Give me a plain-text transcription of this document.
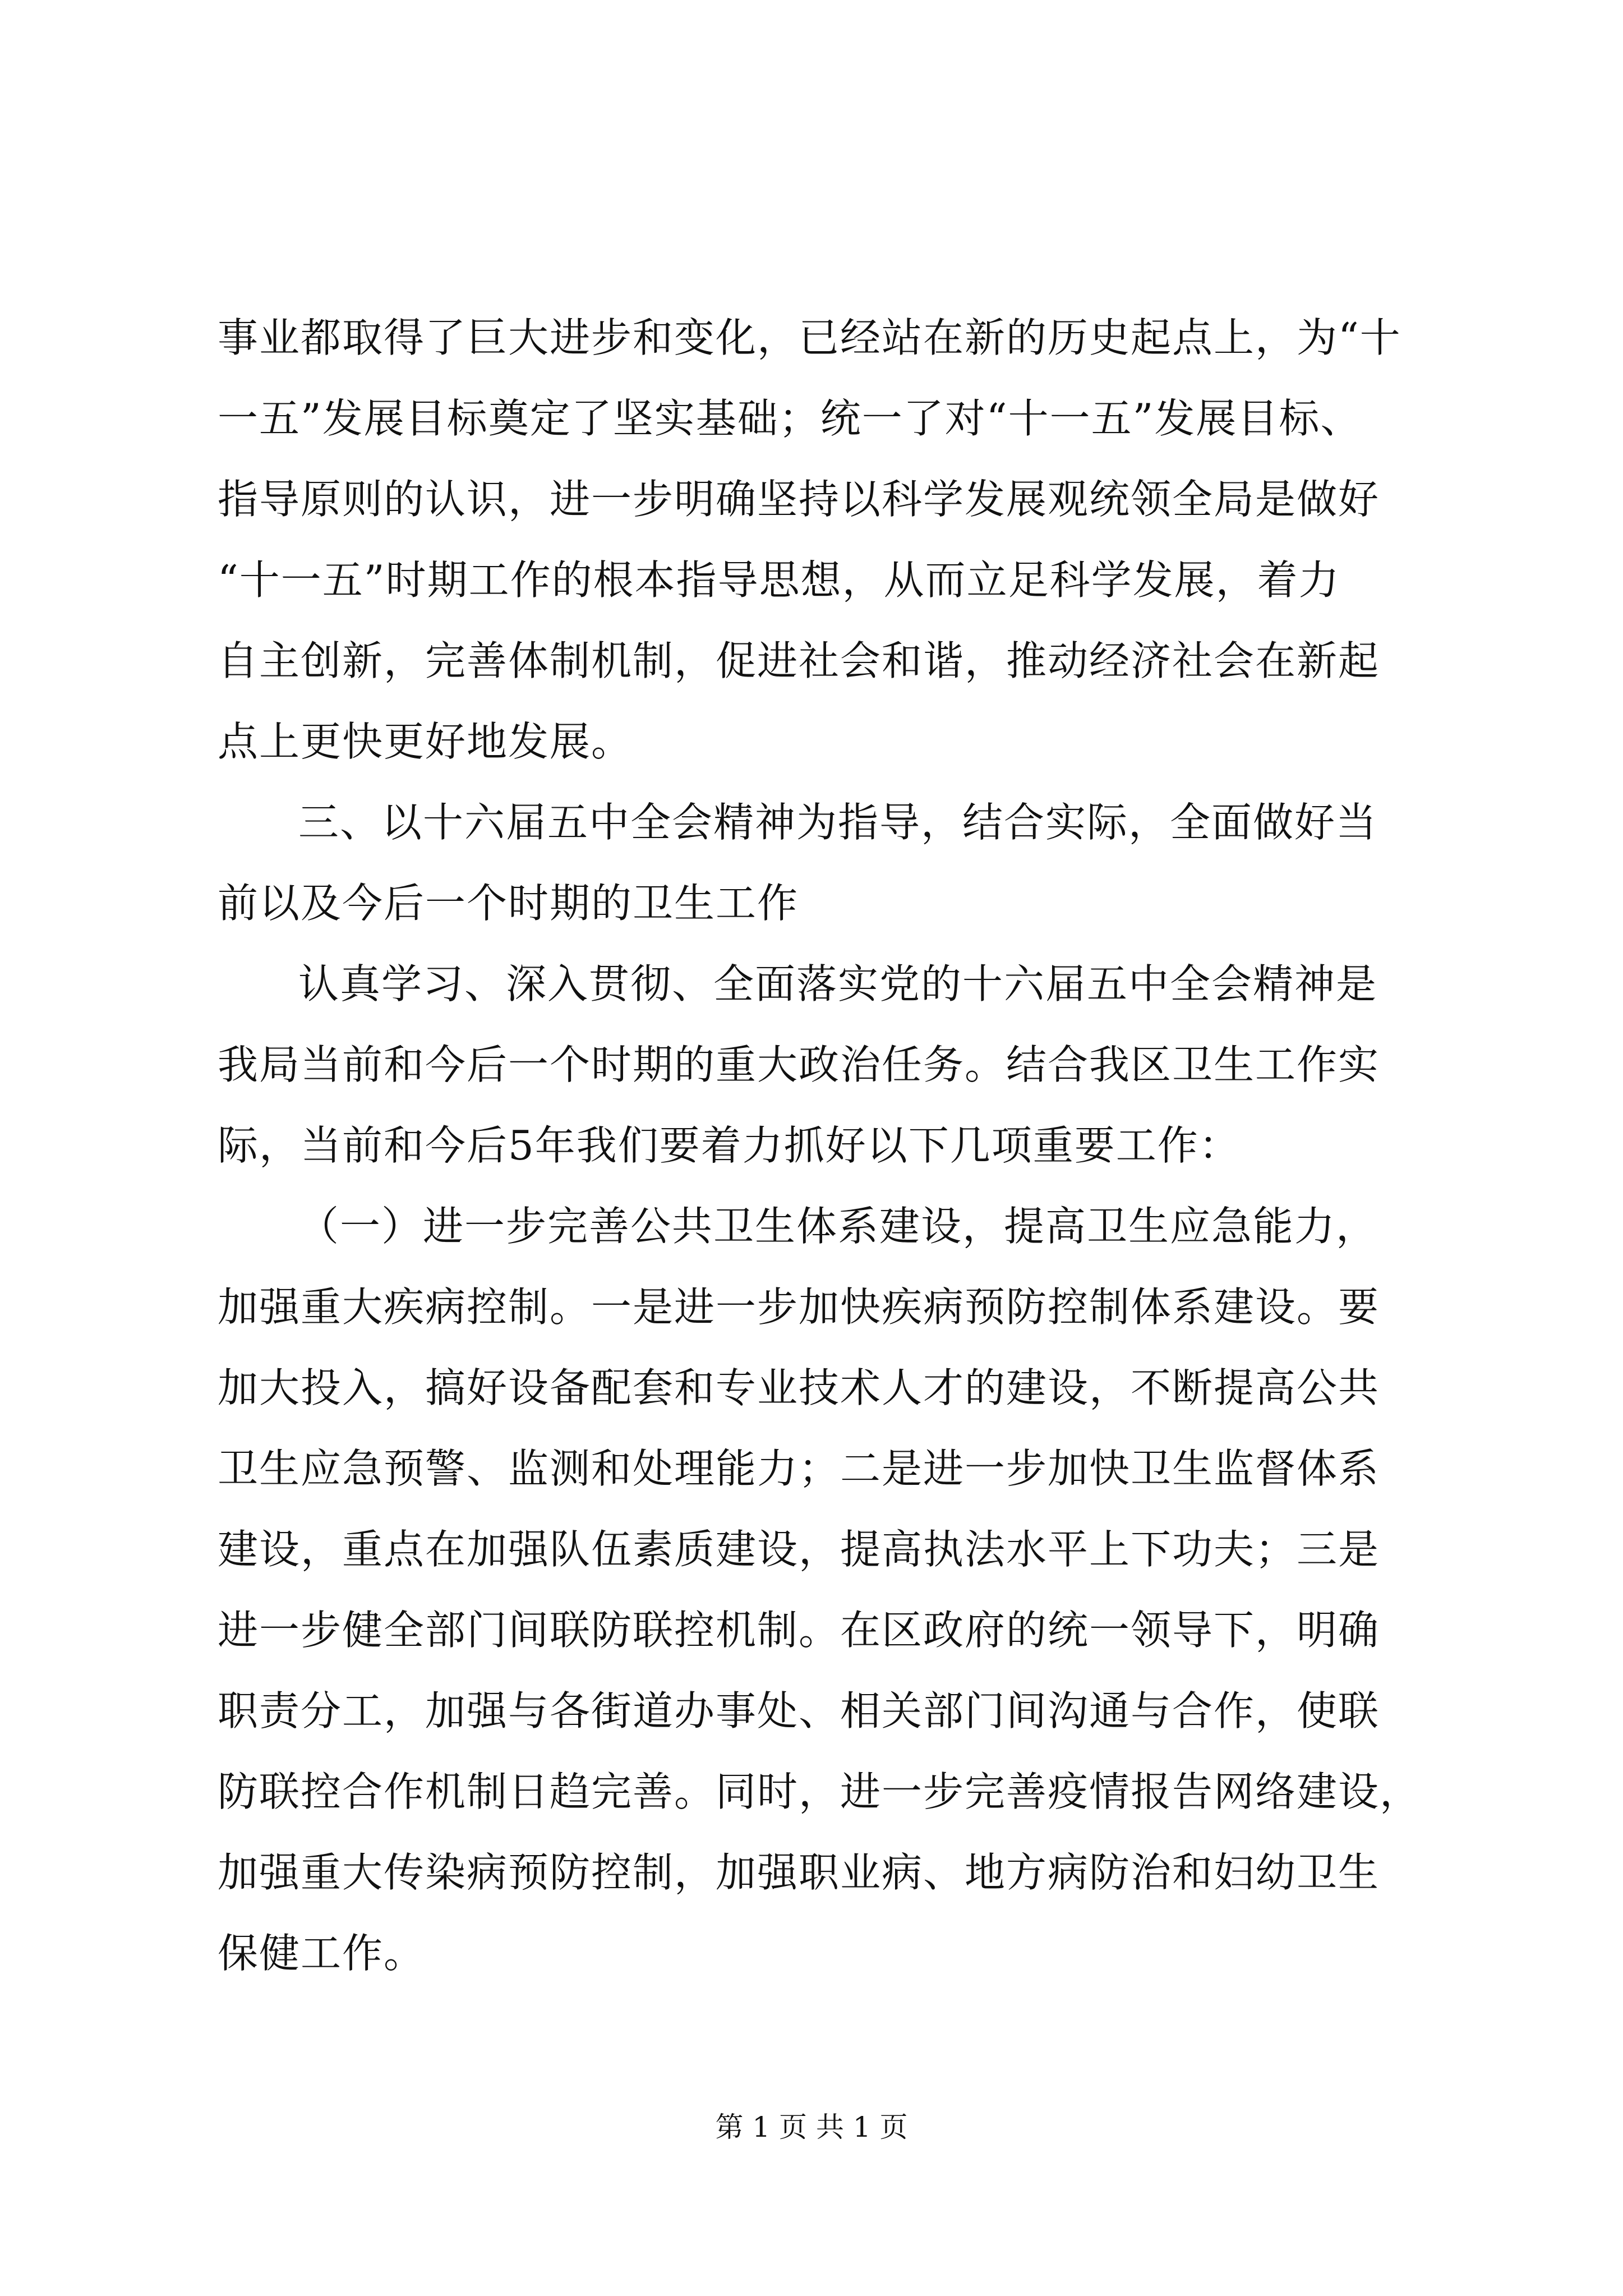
事业都取得了巨大进步和变化，已经站在新的历史起点上，为“十
一五”发展目标奠定了坚实基础；统一了对“十一五”发展目标、
指导原则的认识，进一步明确坚持以科学发展观统领全局是做好
“十一五”时期工作的根本指导思想，从而立足科学发展，着力
自主创新，完善体制机制，促进社会和谐，推动经济社会在新起
点上更快更好地发展。
三、以十六届五中全会精神为指导，结合实际，全面做好当
前以及今后一个时期的卫生工作
认真学习、深入贯彻、全面落实党的十六届五中全会精神是
我局当前和今后一个时期的重大政治任务。结合我区卫生工作实
际，当前和今后5年我们要着力抓好以下几项重要工作：
（一）进一步完善公共卫生体系建设，提高卫生应急能力，
加强重大疾病控制。一是进一步加快疾病预防控制体系建设。要
加大投入，搞好设备配套和专业技术人才的建设，不断提高公共
卫生应急预警、监测和处理能力；二是进一步加快卫生监督体系
建设，重点在加强队伍素质建设，提高执法水平上下功夫；三是
进一步健全部门间联防联控机制。在区政府的统一领导下，明确
职责分工，加强与各街道办事处、相关部门间沟通与合作，使联
防联控合作机制日趋完善。同时，进一步完善疫情报告网络建设，
加强重大传染病预防控制，加强职业病、地方病防治和妇幼卫生
保健工作。
第 1 页 共 1 页
